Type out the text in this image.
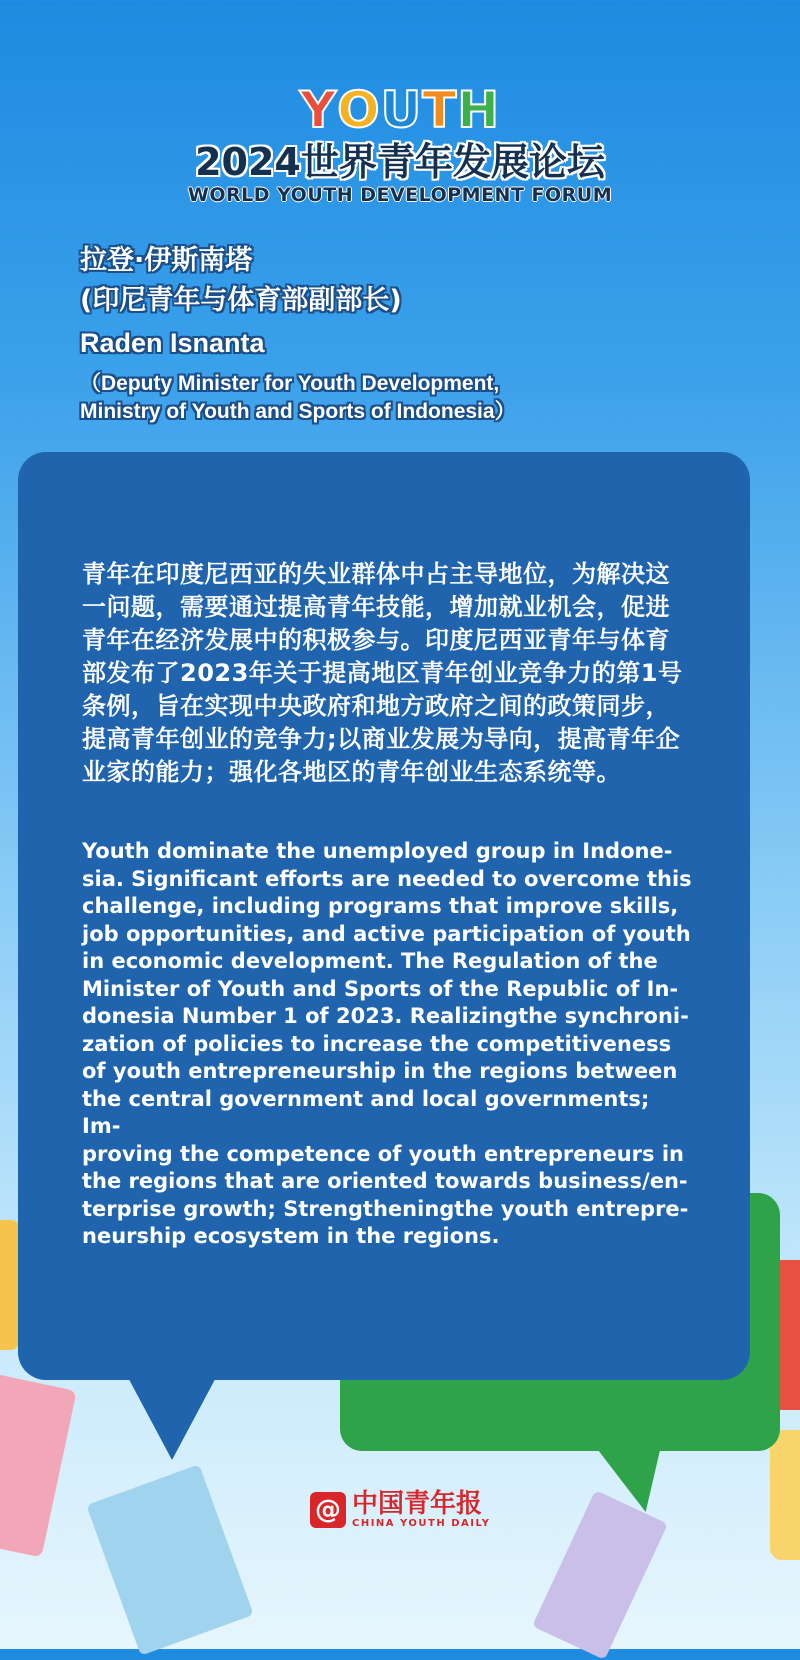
YOUTH
2024世界青年发展论坛
WORLD YOUTH DEVELOPMENT FORUM
拉登·伊斯南塔
(印尼青年与体育部副部长)
Raden Isnanta
（Deputy Minister for Youth Development,
Ministry of Youth and Sports of Indonesia）
青年在印度尼西亚的失业群体中占主导地位，为解决这一问题，需要通过提高青年技能，增加就业机会，促进青年在经济发展中的积极参与。印度尼西亚青年与体育部发布了2023年关于提高地区青年创业竞争力的第1号条例，旨在实现中央政府和地方政府之间的政策同步，提高青年创业的竞争力;以商业发展为导向，提高青年企业家的能力；强化各地区的青年创业生态系统等。
Youth dominate the unemployed group in Indone-
sia. Significant efforts are needed to overcome this
challenge, including programs that improve skills,
job opportunities, and active participation of youth
in economic development. The Regulation of the
Minister of Youth and Sports of the Republic of In-
donesia Number 1 of 2023. Realizingthe synchroni-
zation of policies to increase the competitiveness
of youth entrepreneurship in the regions between
the central government and local governments; Im-
proving the competence of youth entrepreneurs in
the regions that are oriented towards business/en-
terprise growth; Strengtheningthe youth entrepre-
neurship ecosystem in the regions.
@ 中国青年报
CHINA YOUTH DAILY
